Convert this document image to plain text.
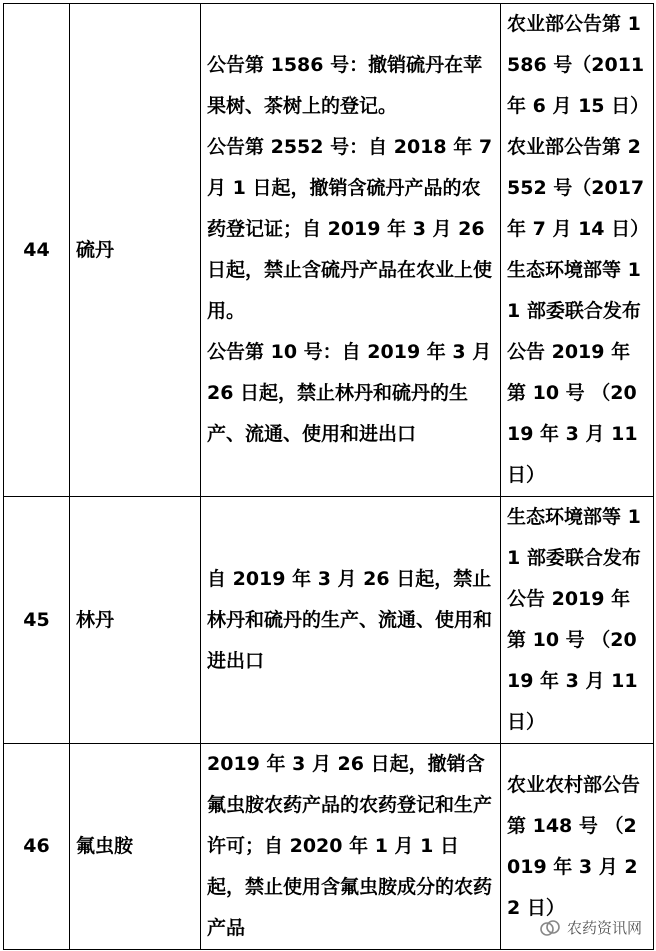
44	硫丹	公告第 1586 号：撤销硫丹在苹果树、茶树上的登记。
公告第 2552 号：自 2018 年 7 月 1 日起，撤销含硫丹产品的农药登记证；自 2019 年 3 月 26 日起，禁止含硫丹产品在农业上使用。
公告第 10 号：自 2019 年 3 月 26 日起，禁止林丹和硫丹的生产、流通、使用和进出口	农业部公告第 1586 号（2011 年 6 月 15 日）农业部公告第 2552 号（2017 年 7 月 14 日）生态环境部等 11 部委联合发布公告 2019 年 第 10 号 （2019 年 3 月 11 日）
45	林丹	自 2019 年 3 月 26 日起，禁止林丹和硫丹的生产、流通、使用和进出口	生态环境部等 11 部委联合发布公告 2019 年 第 10 号 （2019 年 3 月 11 日）
46	氟虫胺	2019 年 3 月 26 日起，撤销含氟虫胺农药产品的农药登记和生产许可；自 2020 年 1 月 1 日起，禁止使用含氟虫胺成分的农药产品	农业农村部公告第 148 号 （2019 年 3 月 22 日）
农药资讯网
